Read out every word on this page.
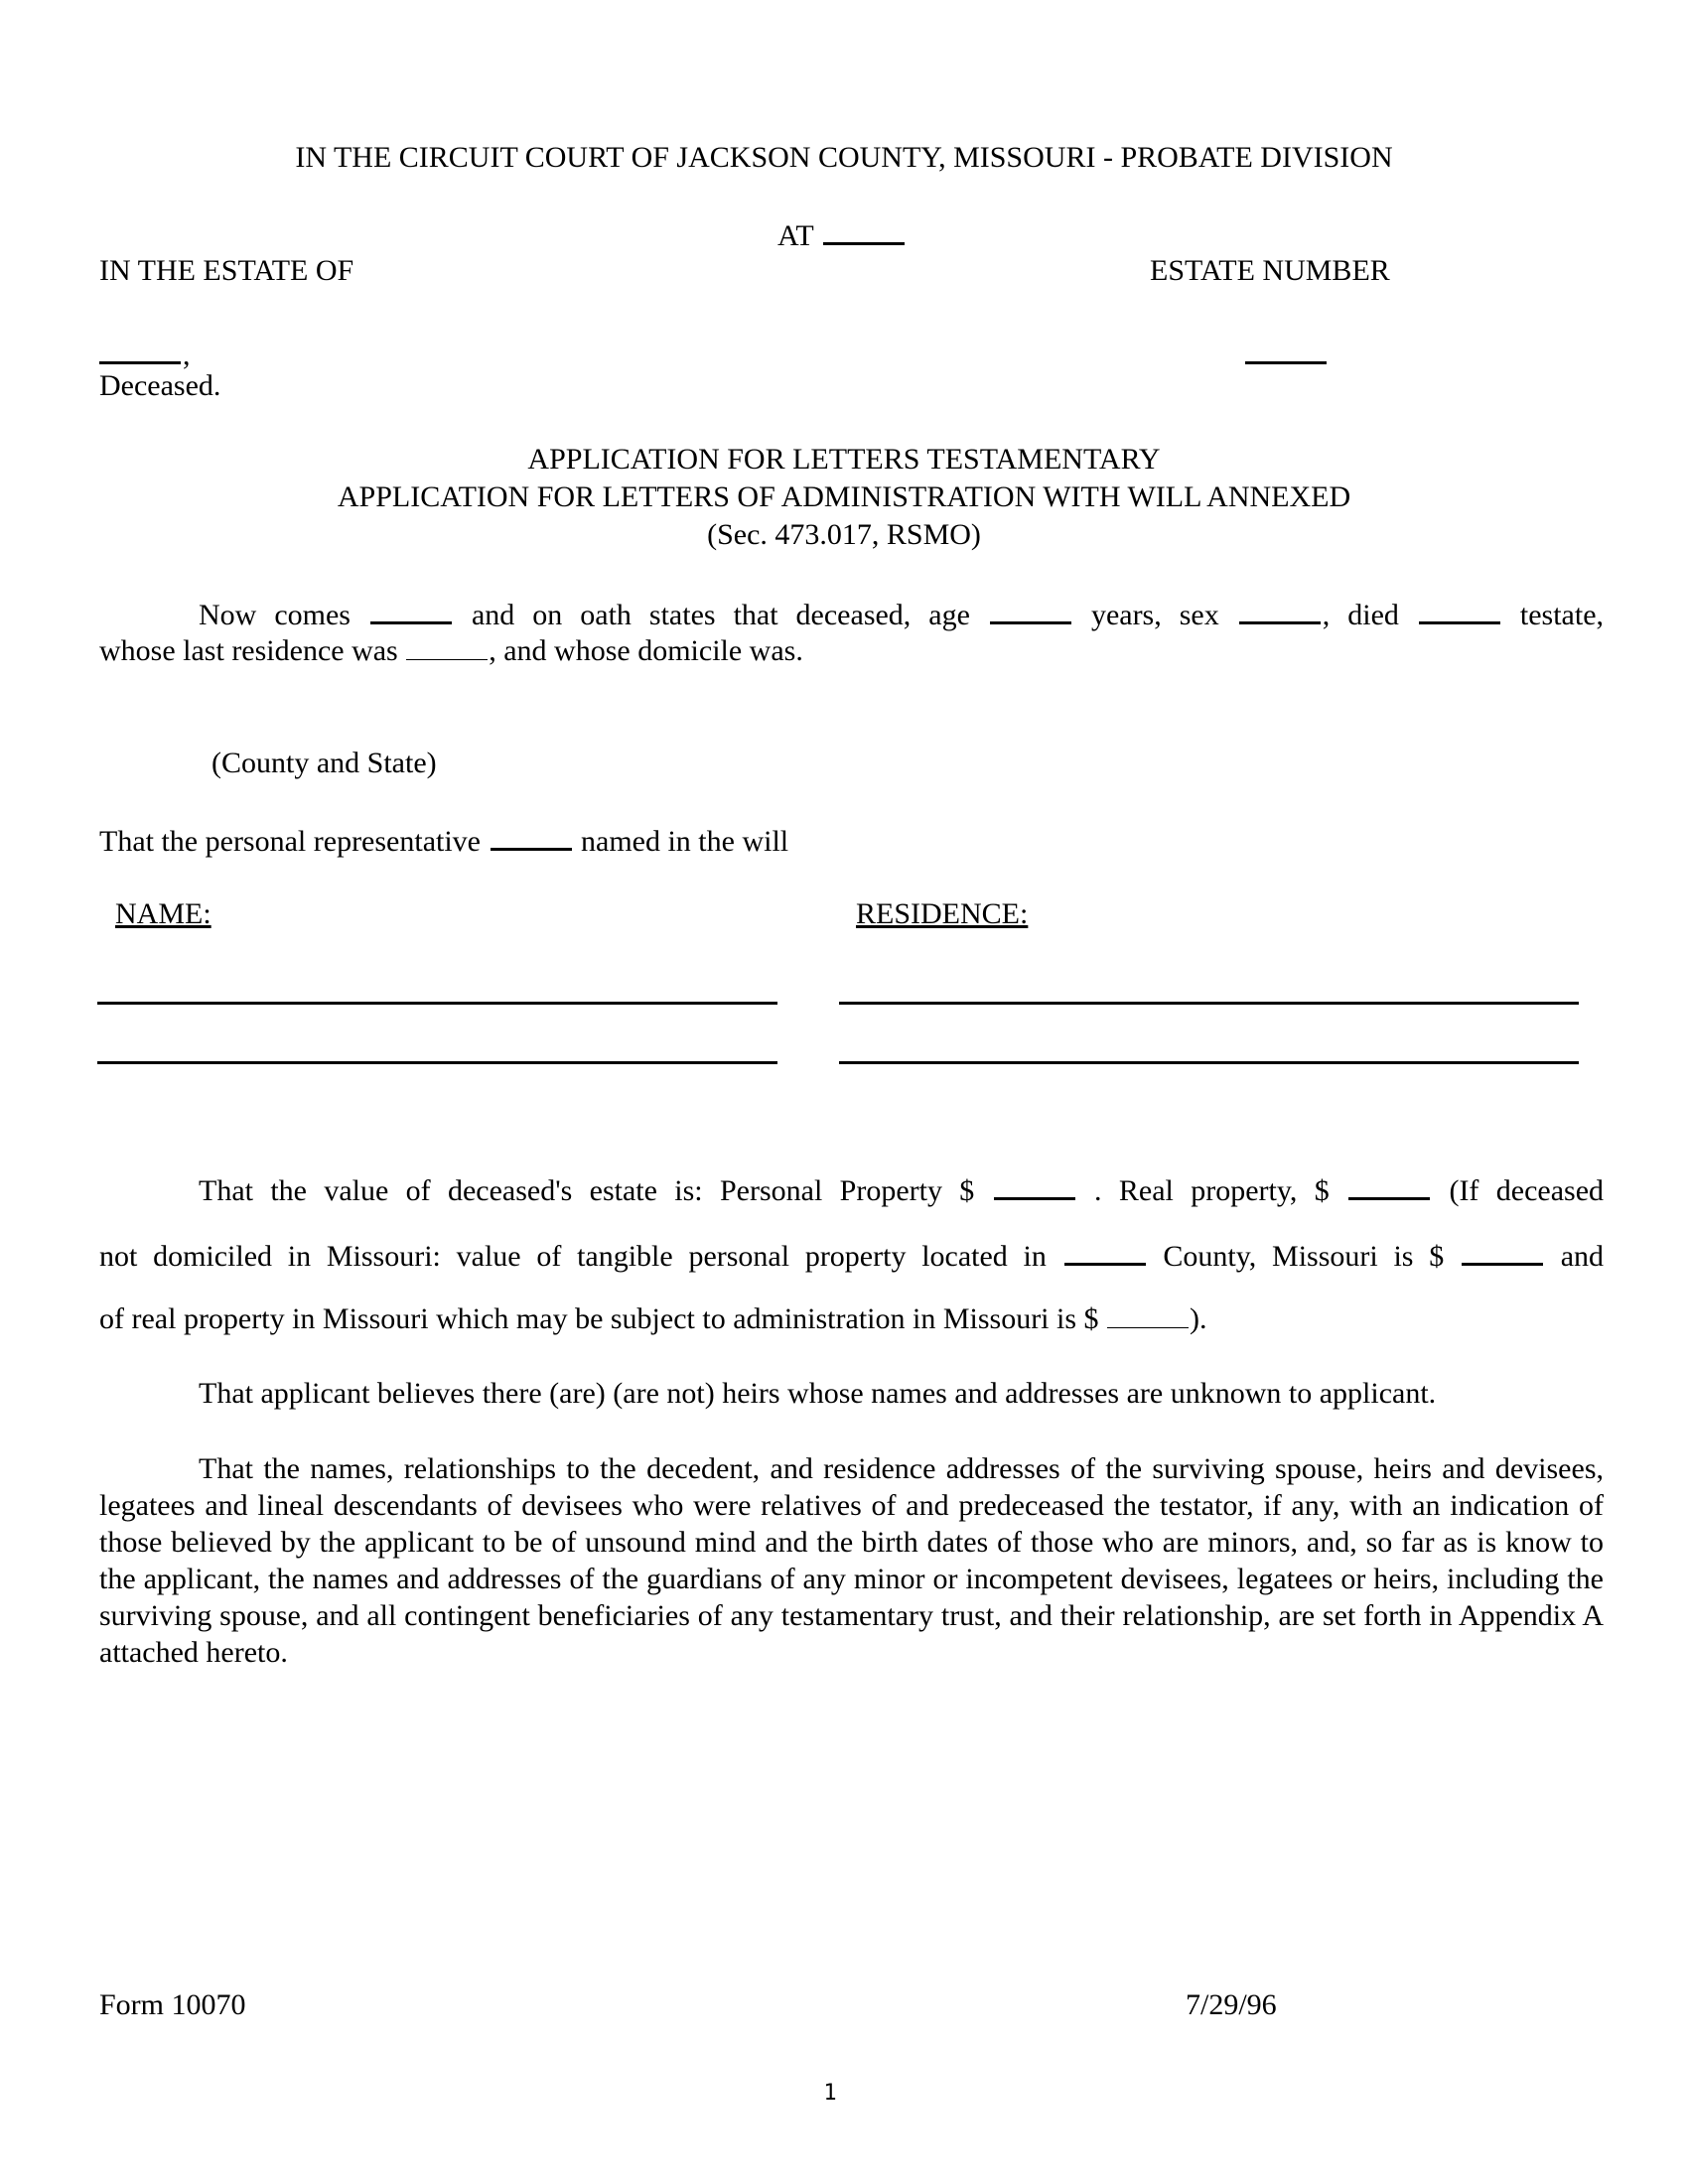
IN THE CIRCUIT COURT OF JACKSON COUNTY, MISSOURI - PROBATE DIVISION
AT
IN THE ESTATE OF	ESTATE NUMBER
,
Deceased.
APPLICATION FOR LETTERS TESTAMENTARY
APPLICATION FOR LETTERS OF ADMINISTRATION WITH WILL ANNEXED
(Sec. 473.017, RSMO)
Now comes	and on oath states that deceased, age	years, sex	, died	testate,
whose last residence was	, and whose domicile was.
(County and State)
That the personal representative	named in the will
NAME:	RESIDENCE:
That the value of deceased's estate is: Personal Property $	. Real property, $	(If deceased
not domiciled in Missouri: value of tangible personal property located in	County, Missouri is $	and
of real property in Missouri which may be subject to administration in Missouri is $	).
That applicant believes there (are) (are not) heirs whose names and addresses are unknown to applicant.
That the names, relationships to the decedent, and residence addresses of the surviving spouse, heirs and devisees, legatees and lineal descendants of devisees who were relatives of and predeceased the testator, if any, with an indication of those believed by the applicant to be of unsound mind and the birth dates of those who are minors, and, so far as is know to the applicant, the names and addresses of the guardians of any minor or incompetent devisees, legatees or heirs, including the surviving spouse, and all contingent beneficiaries of any testamentary trust, and their relationship, are set forth in Appendix A attached hereto.
Form 10070	7/29/96
1
